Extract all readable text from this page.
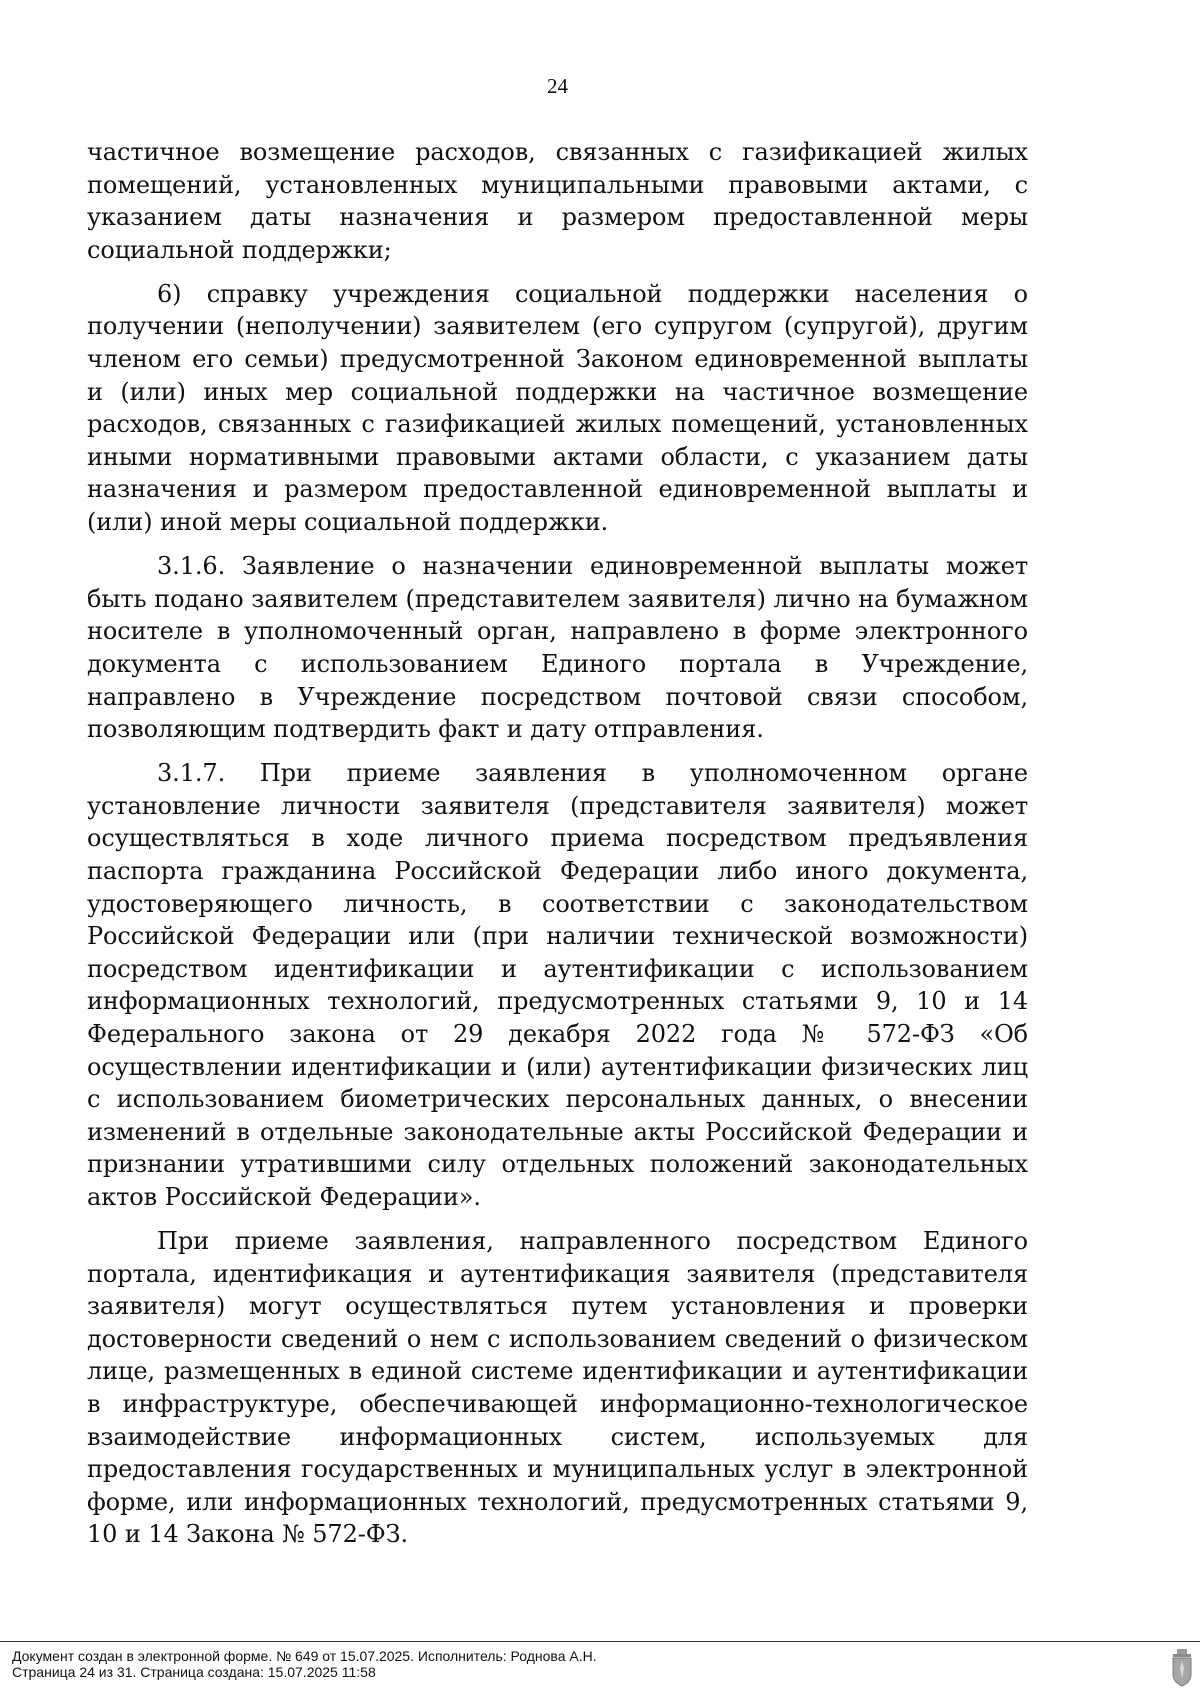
24

частичное возмещение расходов, связанных с газификацией жилых помещений, установленных муниципальными правовыми актами, с указанием даты назначения и размером предоставленной меры социальной поддержки;

6) справку учреждения социальной поддержки населения о получении (неполучении) заявителем (его супругом (супругой), другим членом его семьи) предусмотренной Законом единовременной выплаты и (или) иных мер социальной поддержки на частичное возмещение расходов, связанных с газификацией жилых помещений, установленных иными нормативными правовыми актами области, с указанием даты назначения и размером предоставленной единовременной выплаты и (или) иной меры социальной поддержки.

3.1.6. Заявление о назначении единовременной выплаты может быть подано заявителем (представителем заявителя) лично на бумажном носителе в уполномоченный орган, направлено в форме электронного документа с использованием Единого портала в Учреждение, направлено в Учреждение посредством почтовой связи способом, позволяющим подтвердить факт и дату отправления.

3.1.7. При приеме заявления в уполномоченном органе установление личности заявителя (представителя заявителя) может осуществляться в ходе личного приема посредством предъявления паспорта гражданина Российской Федерации либо иного документа, удостоверяющего личность, в соответствии с законодательством Российской Федерации или (при наличии технической возможности) посредством идентификации и аутентификации с использованием информационных технологий, предусмотренных статьями 9, 10 и 14 Федерального закона от 29 декабря 2022 года № 572-ФЗ «Об осуществлении идентификации и (или) аутентификации физических лиц с использованием биометрических персональных данных, о внесении изменений в отдельные законодательные акты Российской Федерации и признании утратившими силу отдельных положений законодательных актов Российской Федерации».

При приеме заявления, направленного посредством Единого портала, идентификация и аутентификация заявителя (представителя заявителя) могут осуществляться путем установления и проверки достоверности сведений о нем с использованием сведений о физическом лице, размещенных в единой системе идентификации и аутентификации в инфраструктуре, обеспечивающей информационно-технологическое взаимодействие информационных систем, используемых для предоставления государственных и муниципальных услуг в электронной форме, или информационных технологий, предусмотренных статьями 9, 10 и 14 Закона № 572-ФЗ.

Документ создан в электронной форме. № 649 от 15.07.2025. Исполнитель: Роднова А.Н.
Страница 24 из 31. Страница создана: 15.07.2025 11:58
